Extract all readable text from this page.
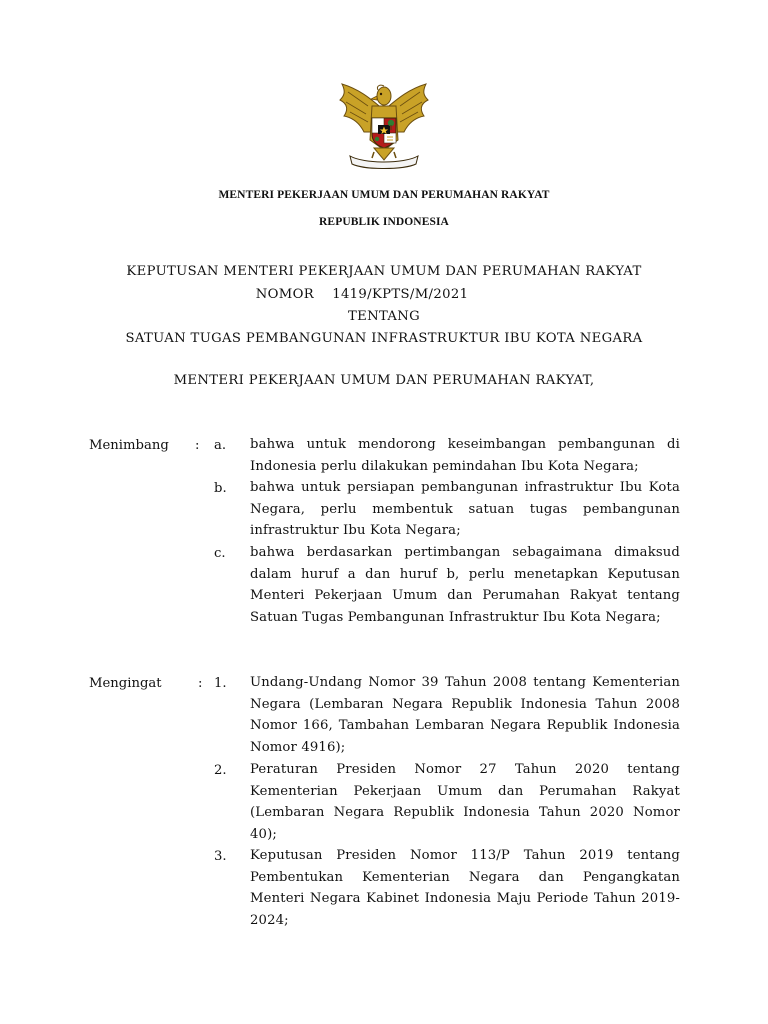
MENTERI PEKERJAAN UMUM DAN PERUMAHAN RAKYAT
REPUBLIK INDONESIA
KEPUTUSAN MENTERI PEKERJAAN UMUM DAN PERUMAHAN RAKYAT
NOMOR    1419/KPTS/M/2021
TENTANG
SATUAN TUGAS PEMBANGUNAN INFRASTRUKTUR IBU KOTA NEGARA
MENTERI PEKERJAAN UMUM DAN PERUMAHAN RAKYAT,
Menimbang : a. bahwa untuk mendorong keseimbangan pembangunan di Indonesia perlu dilakukan pemindahan Ibu Kota Negara;
b. bahwa untuk persiapan pembangunan infrastruktur Ibu Kota Negara, perlu membentuk satuan tugas pembangunan infrastruktur Ibu Kota Negara;
c. bahwa berdasarkan pertimbangan sebagaimana dimaksud dalam huruf a dan huruf b, perlu menetapkan Keputusan Menteri Pekerjaan Umum dan Perumahan Rakyat tentang Satuan Tugas Pembangunan Infrastruktur Ibu Kota Negara;
Mengingat	: 1. Undang-Undang Nomor 39 Tahun 2008 tentang Kementerian Negara (Lembaran Negara Republik Indonesia Tahun 2008 Nomor 166, Tambahan Lembaran Negara Republik Indonesia Nomor 4916);
2. Peraturan Presiden Nomor 27 Tahun 2020 tentang Kementerian Pekerjaan Umum dan Perumahan Rakyat (Lembaran Negara Republik Indonesia Tahun 2020 Nomor 40);
3. Keputusan Presiden Nomor 113/P Tahun 2019 tentang Pembentukan Kementerian Negara dan Pengangkatan Menteri Negara Kabinet Indonesia Maju Periode Tahun 2019-2024;
